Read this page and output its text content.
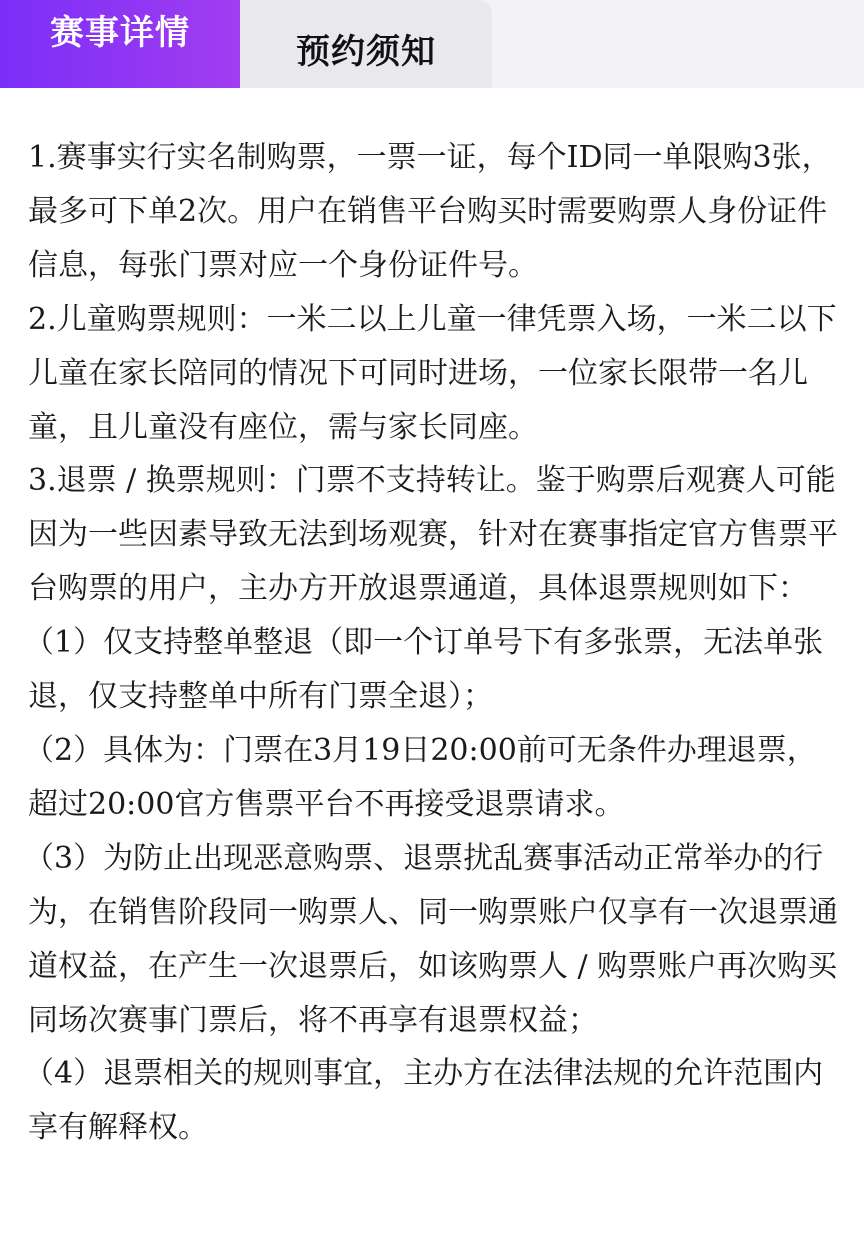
赛事详情	预约须知

1.赛事实行实名制购票，一票一证，每个ID同一单限购3张，最多可下单2次。用户在销售平台购买时需要购票人身份证件信息，每张门票对应一个身份证件号。

2.儿童购票规则：一米二以上儿童一律凭票入场，一米二以下儿童在家长陪同的情况下可同时进场，一位家长限带一名儿童，且儿童没有座位，需与家长同座。

3.退票 / 换票规则：门票不支持转让。鉴于购票后观赛人可能因为一些因素导致无法到场观赛，针对在赛事指定官方售票平台购票的用户，主办方开放退票通道，具体退票规则如下：

（1）仅支持整单整退（即一个订单号下有多张票，无法单张退，仅支持整单中所有门票全退）；

（2）具体为：门票在3月19日20:00前可无条件办理退票，超过20:00官方售票平台不再接受退票请求。

（3）为防止出现恶意购票、退票扰乱赛事活动正常举办的行为，在销售阶段同一购票人、同一购票账户仅享有一次退票通道权益，在产生一次退票后，如该购票人 / 购票账户再次购买同场次赛事门票后，将不再享有退票权益；

（4）退票相关的规则事宜，主办方在法律法规的允许范围内享有解释权。
